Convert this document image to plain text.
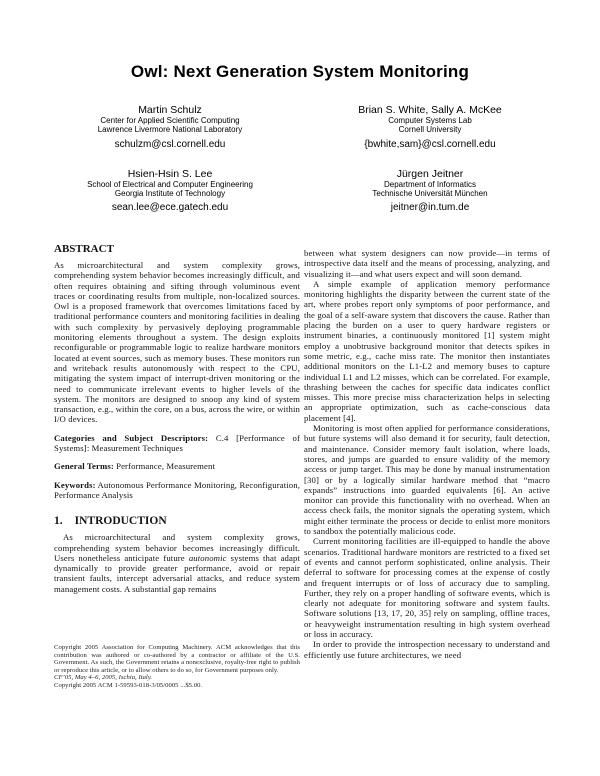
Owl: Next Generation System Monitoring
Martin Schulz
Center for Applied Scientific Computing
Lawrence Livermore National Laboratory
schulzm@csl.cornell.edu
Brian S. White, Sally A. McKee
Computer Systems Lab
Cornell University
{bwhite,sam}@csl.cornell.edu
Hsien-Hsin S. Lee
School of Electrical and Computer Engineering
Georgia Institute of Technology
sean.lee@ece.gatech.edu
Jürgen Jeitner
Department of Informatics
Technische Universität München
jeitner@in.tum.de
ABSTRACT

As microarchitectural and system complexity grows, comprehending system behavior becomes increasingly difficult, and often requires obtaining and sifting through voluminous event traces or coordinating results from multiple, non-localized sources. Owl is a proposed framework that overcomes limitations faced by traditional performance counters and monitoring facilities in dealing with such complexity by pervasively deploying programmable monitoring elements throughout a system. The design exploits reconfigurable or programmable logic to realize hardware monitors located at event sources, such as memory buses. These monitors run and writeback results autonomously with respect to the CPU, mitigating the system impact of interrupt-driven monitoring or the need to communicate irrelevant events to higher levels of the system. The monitors are designed to snoop any kind of system transaction, e.g., within the core, on a bus, across the wire, or within I/O devices.

Categories and Subject Descriptors: C.4 [Performance of Systems]: Measurement Techniques

General Terms: Performance, Measurement

Keywords: Autonomous Performance Monitoring, Reconfiguration, Performance Analysis

1. INTRODUCTION

As microarchitectural and system complexity grows, comprehending system behavior becomes increasingly difficult. Users nonetheless anticipate future autonomic systems that adapt dynamically to provide greater performance, avoid or repair transient faults, intercept adversarial attacks, and reduce system management costs. A substantial gap remains

Copyright 2005 Association for Computing Machinery. ACM acknowledges that this contribution was authored or co-authored by a contractor or affiliate of the U.S. Government. As such, the Government retains a nonexclusive, royalty-free right to publish or reproduce this article, or to allow others to do so, for Government purposes only.
CF’05, May 4–6, 2005, Ischia, Italy.
Copyright 2005 ACM 1-59593-018-3/05/0005 ...$5.00.

between what system designers can now provide—in terms of introspective data itself and the means of processing, analyzing, and visualizing it—and what users expect and will soon demand.

A simple example of application memory performance monitoring highlights the disparity between the current state of the art, where probes report only symptoms of poor performance, and the goal of a self-aware system that discovers the cause. Rather than placing the burden on a user to query hardware registers or instrument binaries, a continuously monitored [1] system might employ a unobtrusive background monitor that detects spikes in some metric, e.g., cache miss rate. The monitor then instantiates additional monitors on the L1-L2 and memory buses to capture individual L1 and L2 misses, which can be correlated. For example, thrashing between the caches for specific data indicates conflict misses. This more precise miss characterization helps in selecting an appropriate optimization, such as cache-conscious data placement [4].

Monitoring is most often applied for performance considerations, but future systems will also demand it for security, fault detection, and maintenance. Consider memory fault isolation, where loads, stores, and jumps are guarded to ensure validity of the memory access or jump target. This may be done by manual instrumentation [30] or by a logically similar hardware method that “macro expands” instructions into guarded equivalents [6]. An active monitor can provide this functionality with no overhead. When an access check fails, the monitor signals the operating system, which might either terminate the process or decide to enlist more monitors to sandbox the potentially malicious code.

Current monitoring facilities are ill-equipped to handle the above scenarios. Traditional hardware monitors are restricted to a fixed set of events and cannot perform sophisticated, online analysis. Their deferral to software for processing comes at the expense of costly and frequent interrupts or of loss of accuracy due to sampling. Further, they rely on a proper handling of software events, which is clearly not adequate for monitoring software and system faults. Software solutions [13, 17, 20, 35] rely on sampling, offline traces, or heavyweight instrumentation resulting in high system overhead or loss in accuracy.

In order to provide the introspection necessary to understand and efficiently use future architectures, we need
